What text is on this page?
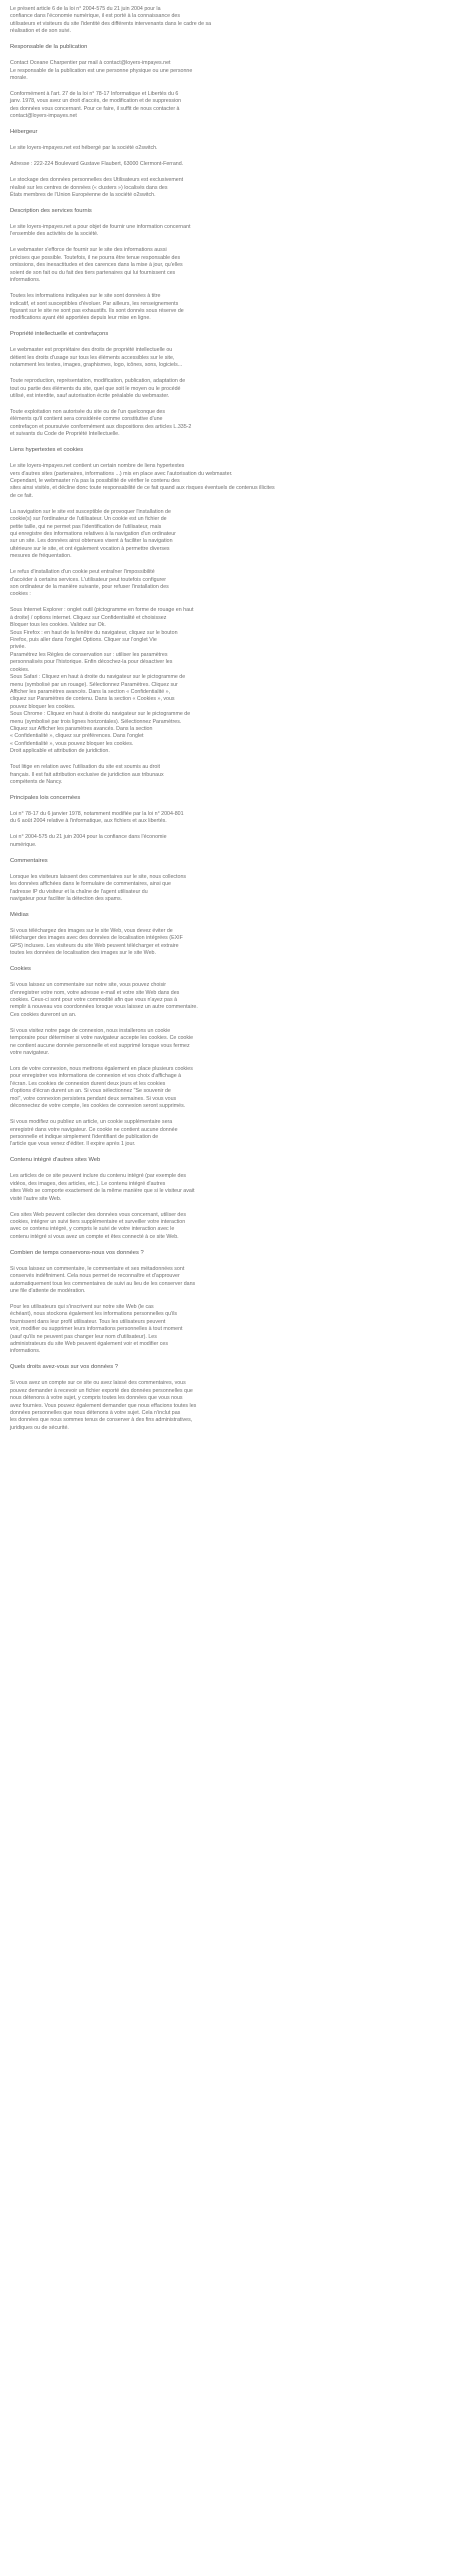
Le présent article 6 de la loi n° 2004-575 du 21 juin 2004 pour la
confiance dans l'économie numérique, il est porté à la connaissance des
utilisateurs et visiteurs du site l'identité des différents intervenants dans le cadre de sa
réalisation et de son suivi.
Responsable de la publication
Contact Oceane Charpentier par mail à contact@loyers-impayes.net
Le responsable de la publication est une personne physique ou une personne
morale.
Conformément à l'art. 27 de la loi n° 78-17 Informatique et Libertés du 6
janv. 1978, vous avez un droit d'accès, de modification et de suppression
des données vous concernant. Pour ce faire, il suffit de nous contacter à
contact@loyers-impayes.net
Hébergeur
Le site loyers-impayes.net est hébergé par la société o2switch.
Adresse : 222-224 Boulevard Gustave Flaubert, 63000 Clermont-Ferrand.
Le stockage des données personnelles des Utilisateurs est exclusivement
réalisé sur les centres de données (« clusters ») localisés dans des
États membres de l'Union Européenne de la société o2switch.
Description des services fournis
Le site loyers-impayes.net a pour objet de fournir une information concernant
l'ensemble des activités de la société.
Le webmaster s'efforce de fournir sur le site des informations aussi
précises que possible. Toutefois, il ne pourra être tenue responsable des
omissions, des inexactitudes et des carences dans la mise à jour, qu'elles
soient de son fait ou du fait des tiers partenaires qui lui fournissent ces
informations.
Toutes les informations indiquées sur le site sont données à titre
indicatif, et sont susceptibles d'évoluer. Par ailleurs, les renseignements
figurant sur le site ne sont pas exhaustifs. Ils sont donnés sous réserve de
modifications ayant été apportées depuis leur mise en ligne.
Propriété intellectuelle et contrefaçons
Le webmaster est propriétaire des droits de propriété intellectuelle ou
détient les droits d'usage sur tous les éléments accessibles sur le site,
notamment les textes, images, graphismes, logo, icônes, sons, logiciels...
Toute reproduction, représentation, modification, publication, adaptation de
tout ou partie des éléments du site, quel que soit le moyen ou le procédé
utilisé, est interdite, sauf autorisation écrite préalable du webmaster.
Toute exploitation non autorisée du site ou de l'un quelconque des
éléments qu'il contient sera considérée comme constitutive d'une
contrefaçon et poursuivie conformément aux dispositions des articles L.335-2
et suivants du Code de Propriété Intellectuelle.
Liens hypertextes et cookies
Le site loyers-impayes.net contient un certain nombre de liens hypertextes
vers d'autres sites (partenaires, informations ...) mis en place avec l'autorisation du webmaster.
Cependant, le webmaster n'a pas la possibilité de vérifier le contenu des
sites ainsi visités, et décline donc toute responsabilité de ce fait quand aux risques éventuels de contenus illicites
de ce fait.
La navigation sur le site est susceptible de provoquer l'installation de
cookie(s) sur l'ordinateur de l'utilisateur. Un cookie est un fichier de
petite taille, qui ne permet pas l'identification de l'utilisateur, mais
qui enregistre des informations relatives à la navigation d'un ordinateur
sur un site. Les données ainsi obtenues visent à faciliter la navigation
ultérieure sur le site, et ont également vocation à permettre diverses
mesures de fréquentation.
Le refus d'installation d'un cookie peut entraîner l'impossibilité
d'accéder à certains services. L'utilisateur peut toutefois configurer
son ordinateur de la manière suivante, pour refuser l'installation des
cookies :
Sous Internet Explorer : onglet outil (pictogramme en forme de rouage en haut
à droite) / options internet. Cliquez sur Confidentialité et choisissez
Bloquer tous les cookies. Validez sur Ok.
Sous Firefox : en haut de la fenêtre du navigateur, cliquez sur le bouton
Firefox, puis aller dans l'onglet Options. Cliquer sur l'onglet Vie
privée.
Paramétrez les Règles de conservation sur : utiliser les paramètres
personnalisés pour l'historique. Enfin décochez-la pour désactiver les
cookies.
Sous Safari : Cliquez en haut à droite du navigateur sur le pictogramme de
menu (symbolisé par un rouage). Sélectionnez Paramètres. Cliquez sur
Afficher les paramètres avancés. Dans la section « Confidentialité »,
cliquez sur Paramètres de contenu. Dans la section « Cookies », vous
pouvez bloquer les cookies.
Sous Chrome : Cliquez en haut à droite du navigateur sur le pictogramme de
menu (symbolisé par trois lignes horizontales). Sélectionnez Paramètres.
Cliquez sur Afficher les paramètres avancés. Dans la section
« Confidentialité », cliquez sur préférences. Dans l'onglet
« Confidentialité », vous pouvez bloquer les cookies.
Droit applicable et attribution de juridiction.
Tout litige en relation avec l'utilisation du site est soumis au droit
français. Il est fait attribution exclusive de juridiction aux tribunaux
compétents de Nancy.
Principales lois concernées
Loi n° 78-17 du 6 janvier 1978, notamment modifiée par la loi n° 2004-801
du 6 août 2004 relative à l'informatique, aux fichiers et aux libertés.
Loi n° 2004-575 du 21 juin 2004 pour la confiance dans l'économie
numérique.
Commentaires
Lorsque les visiteurs laissent des commentaires sur le site, nous collectons
les données affichées dans le formulaire de commentaires, ainsi que
l'adresse IP du visiteur et la chaîne de l'agent utilisateur du
navigateur pour faciliter la détection des spams.
Médias
Si vous téléchargez des images sur le site Web, vous devez éviter de
télécharger des images avec des données de localisation intégrées (EXIF
GPS) incluses. Les visiteurs du site Web peuvent télécharger et extraire
toutes les données de localisation des images sur le site Web.
Cookies
Si vous laissez un commentaire sur notre site, vous pouvez choisir
d'enregistrer votre nom, votre adresse e-mail et votre site Web dans des
cookies. Ceux-ci sont pour votre commodité afin que vous n'ayez pas à
remplir à nouveau vos coordonnées lorsque vous laissez un autre commentaire.
Ces cookies dureront un an.
Si vous visitez notre page de connexion, nous installerons un cookie
temporaire pour déterminer si votre navigateur accepte les cookies. Ce cookie
ne contient aucune donnée personnelle et est supprimé lorsque vous fermez
votre navigateur.
Lors de votre connexion, nous mettrons également en place plusieurs cookies
pour enregistrer vos informations de connexion et vos choix d'affichage à
l'écran. Les cookies de connexion durent deux jours et les cookies
d'options d'écran durent un an. Si vous sélectionnez "Se souvenir de
moi", votre connexion persistera pendant deux semaines. Si vous vous
déconnectez de votre compte, les cookies de connexion seront supprimés.
Si vous modifiez ou publiez un article, un cookie supplémentaire sera
enregistré dans votre navigateur. Ce cookie ne contient aucune donnée
personnelle et indique simplement l'identifiant de publication de
l'article que vous venez d'éditer. Il expire après 1 jour.
Contenu intégré d'autres sites Web
Les articles de ce site peuvent inclure du contenu intégré (par exemple des
vidéos, des images, des articles, etc.). Le contenu intégré d'autres
sites Web se comporte exactement de la même manière que si le visiteur avait
visité l'autre site Web.
Ces sites Web peuvent collecter des données vous concernant, utiliser des
cookies, intégrer un suivi tiers supplémentaire et surveiller votre interaction
avec ce contenu intégré, y compris le suivi de votre interaction avec le
contenu intégré si vous avez un compte et êtes connecté à ce site Web.
Combien de temps conservons-nous vos données ?
Si vous laissez un commentaire, le commentaire et ses métadonnées sont
conservés indéfiniment. Cela nous permet de reconnaître et d'approuver
automatiquement tous les commentaires de suivi au lieu de les conserver dans
une file d'attente de modération.
Pour les utilisateurs qui s'inscrivent sur notre site Web (le cas
échéant), nous stockons également les informations personnelles qu'ils
fournissent dans leur profil utilisateur. Tous les utilisateurs peuvent
voir, modifier ou supprimer leurs informations personnelles à tout moment
(sauf qu'ils ne peuvent pas changer leur nom d'utilisateur). Les
administrateurs du site Web peuvent également voir et modifier ces
informations.
Quels droits avez-vous sur vos données ?
Si vous avez un compte sur ce site ou avez laissé des commentaires, vous
pouvez demander à recevoir un fichier exporté des données personnelles que
nous détenons à votre sujet, y compris toutes les données que vous nous
avez fournies. Vous pouvez également demander que nous effacions toutes les
données personnelles que nous détenons à votre sujet. Cela n'inclut pas
les données que nous sommes tenus de conserver à des fins administratives,
juridiques ou de sécurité.
